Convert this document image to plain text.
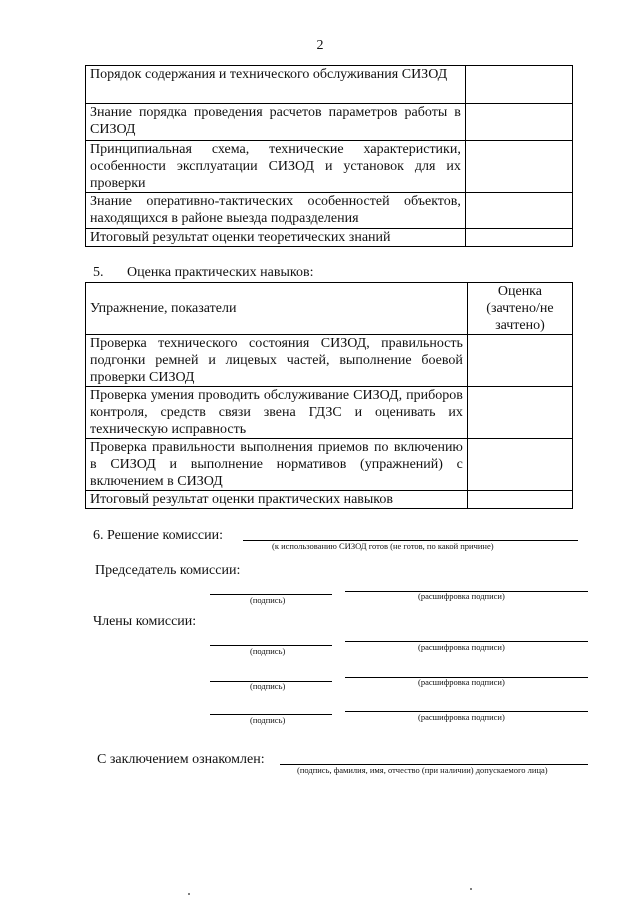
2
Порядок содержания и технического обслуживания СИЗОД	
Знание порядка проведения расчетов параметров работы в СИЗОД	
Принципиальная схема, технические характеристики, особенности эксплуатации СИЗОД и установок для их проверки	
Знание оперативно-тактических особенностей объектов, находящихся в районе выезда подразделения	
Итоговый результат оценки теоретических знаний	
5. Оценка практических навыков:
Упражнение, показатели	Оценка (зачтено/не зачтено)
Проверка технического состояния СИЗОД, правильность подгонки ремней и лицевых частей, выполнение боевой проверки СИЗОД	
Проверка умения проводить обслуживание СИЗОД, приборов контроля, средств связи звена ГДЗС и оценивать их техническую исправность	
Проверка правильности выполнения приемов по включению в СИЗОД и выполнение нормативов (упражнений) с включением в СИЗОД	
Итоговый результат оценки практических навыков	
6. Решение комиссии:
(к использованию СИЗОД готов (не готов, по какой причине)
Председатель комиссии:
(подпись)	(расшифровка подписи)
Члены комиссии:
(подпись)	(расшифровка подписи)
(подпись)	(расшифровка подписи)
(подпись)	(расшифровка подписи)
С заключением ознакомлен:
(подпись, фамилия, имя, отчество (при наличии) допускаемого лица)
